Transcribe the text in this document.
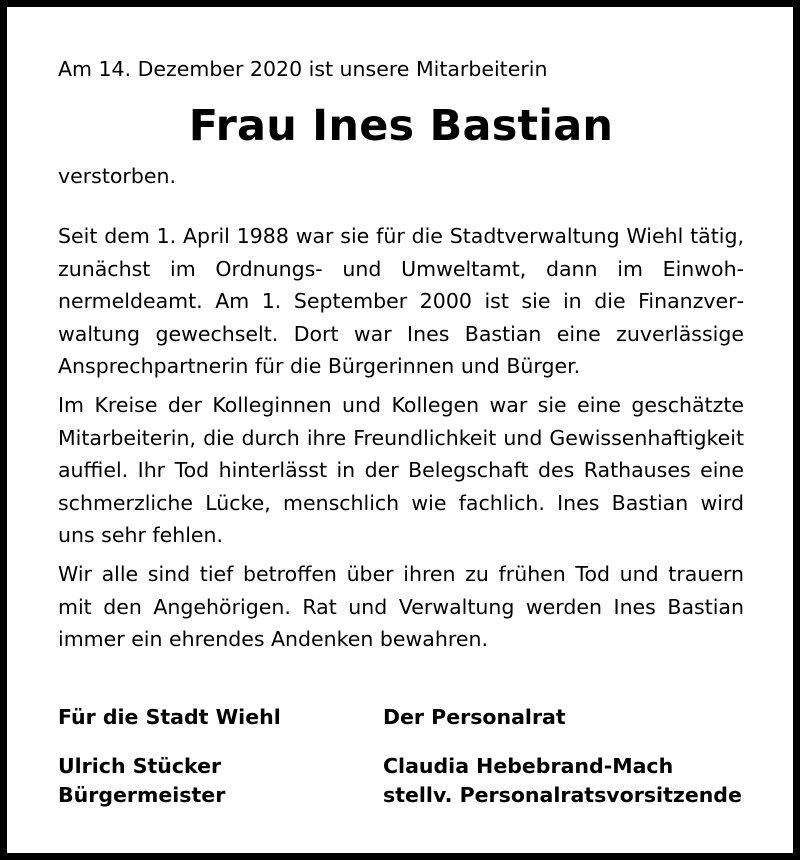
Am 14. Dezember 2020 ist unsere Mitarbeiterin

Frau Ines Bastian

verstorben.

Seit dem 1. April 1988 war sie für die Stadtverwaltung Wiehl tätig, zunächst im Ordnungs- und Umweltamt, dann im Einwohnermeldeamt. Am 1. September 2000 ist sie in die Finanzverwaltung gewechselt. Dort war Ines Bastian eine zuverlässige Ansprechpartnerin für die Bürgerinnen und Bürger.

Im Kreise der Kolleginnen und Kollegen war sie eine geschätzte Mitarbeiterin, die durch ihre Freundlichkeit und Gewissenhaftigkeit auffiel. Ihr Tod hinterlässt in der Belegschaft des Rathauses eine schmerzliche Lücke, menschlich wie fachlich. Ines Bastian wird uns sehr fehlen.

Wir alle sind tief betroffen über ihren zu frühen Tod und trauern mit den Angehörigen. Rat und Verwaltung werden Ines Bastian immer ein ehrendes Andenken bewahren.

Für die Stadt Wiehl
Ulrich Stücker
Bürgermeister
Der Personalrat
Claudia Hebebrand-Mach
stellv. Personalratsvorsitzende
